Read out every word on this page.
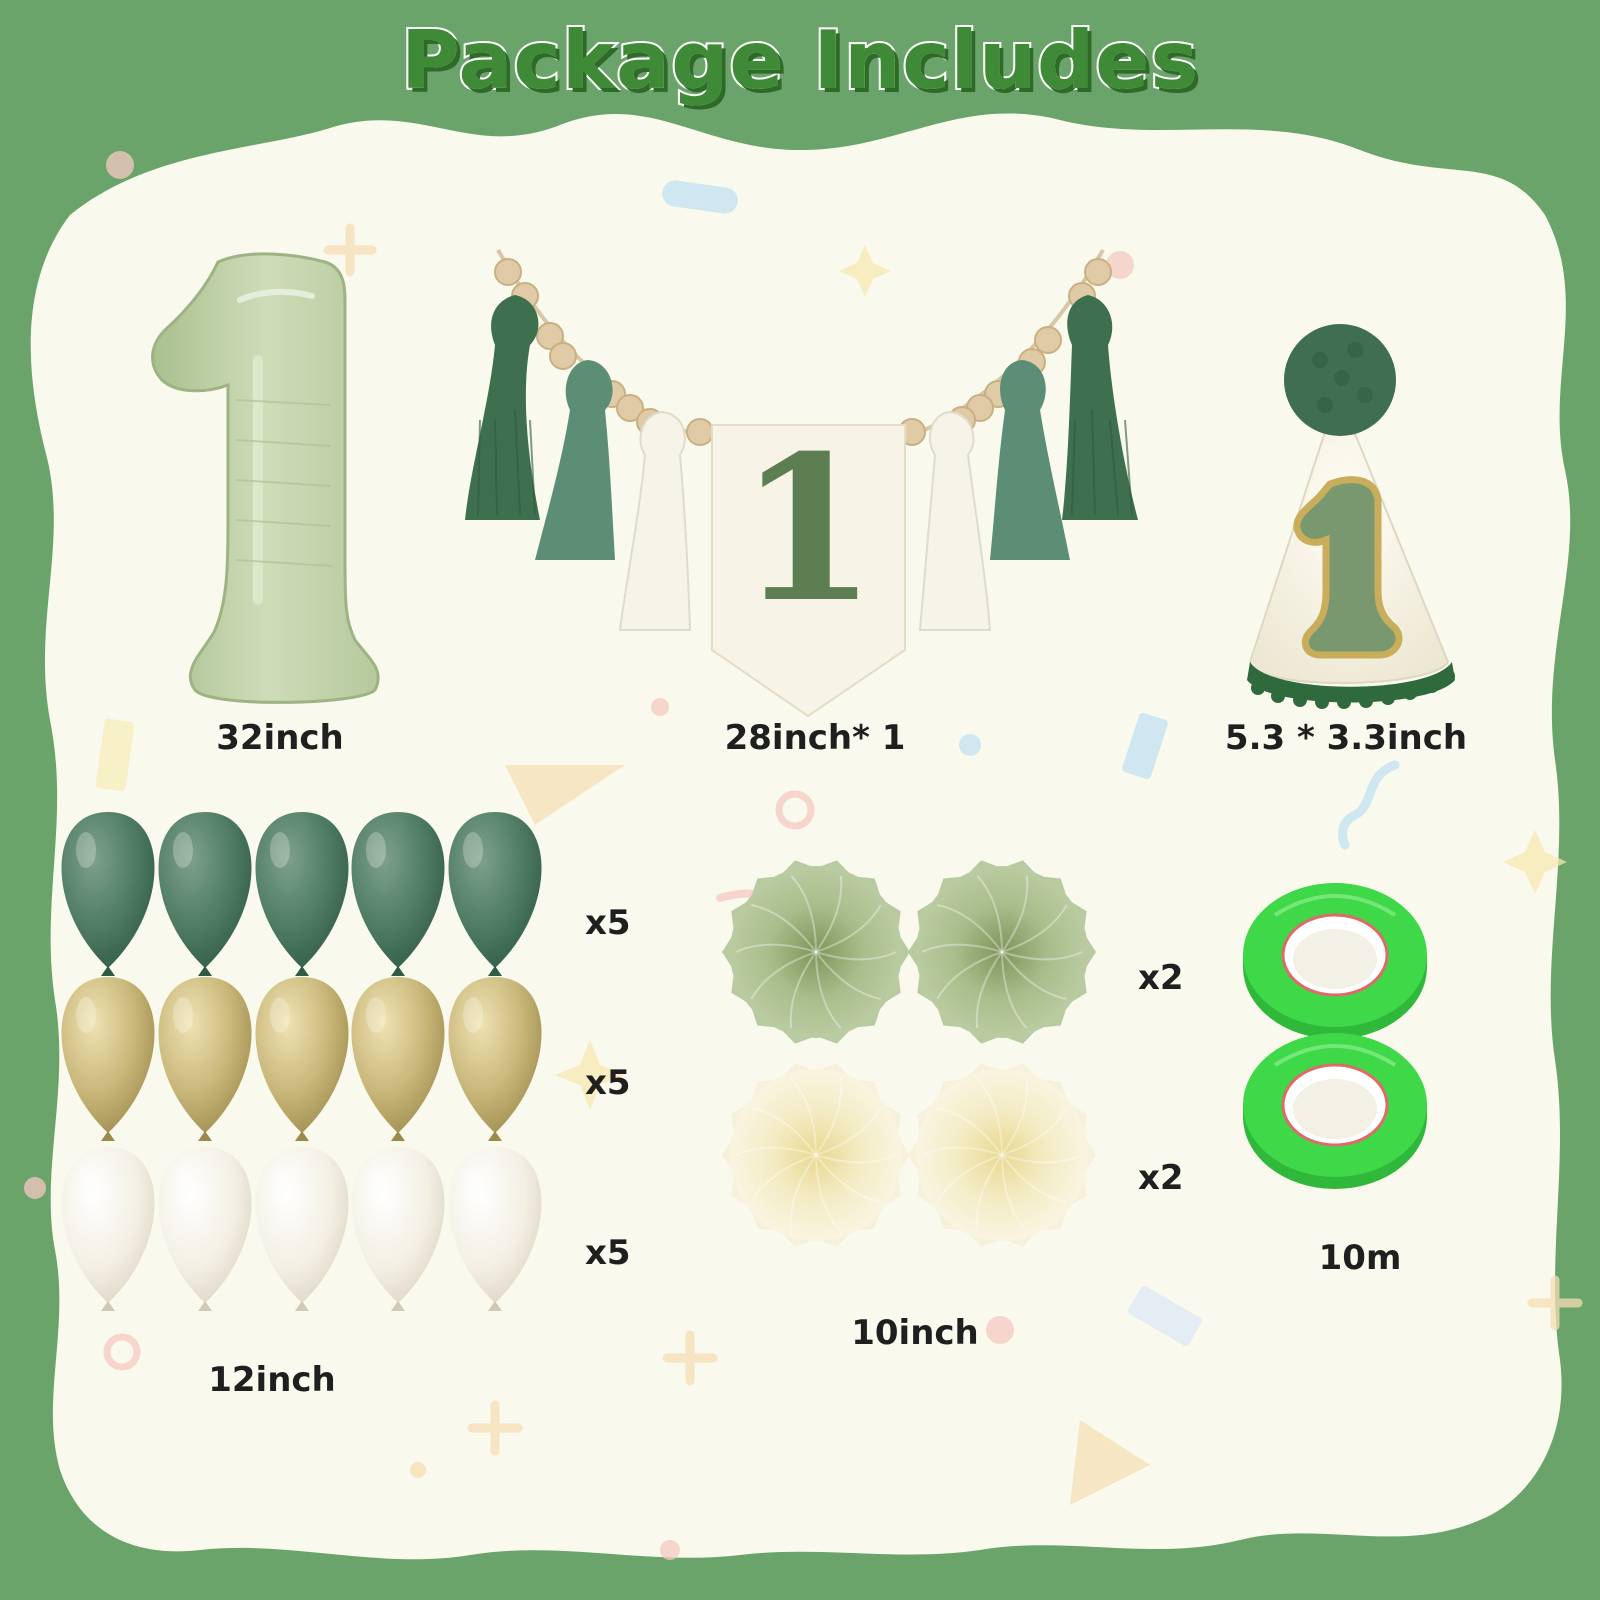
1
Package Includes
32inch	28inch* 1	5.3 * 3.3inch
x5
x5
x5
12inch
x2
x2
10inch
10m
